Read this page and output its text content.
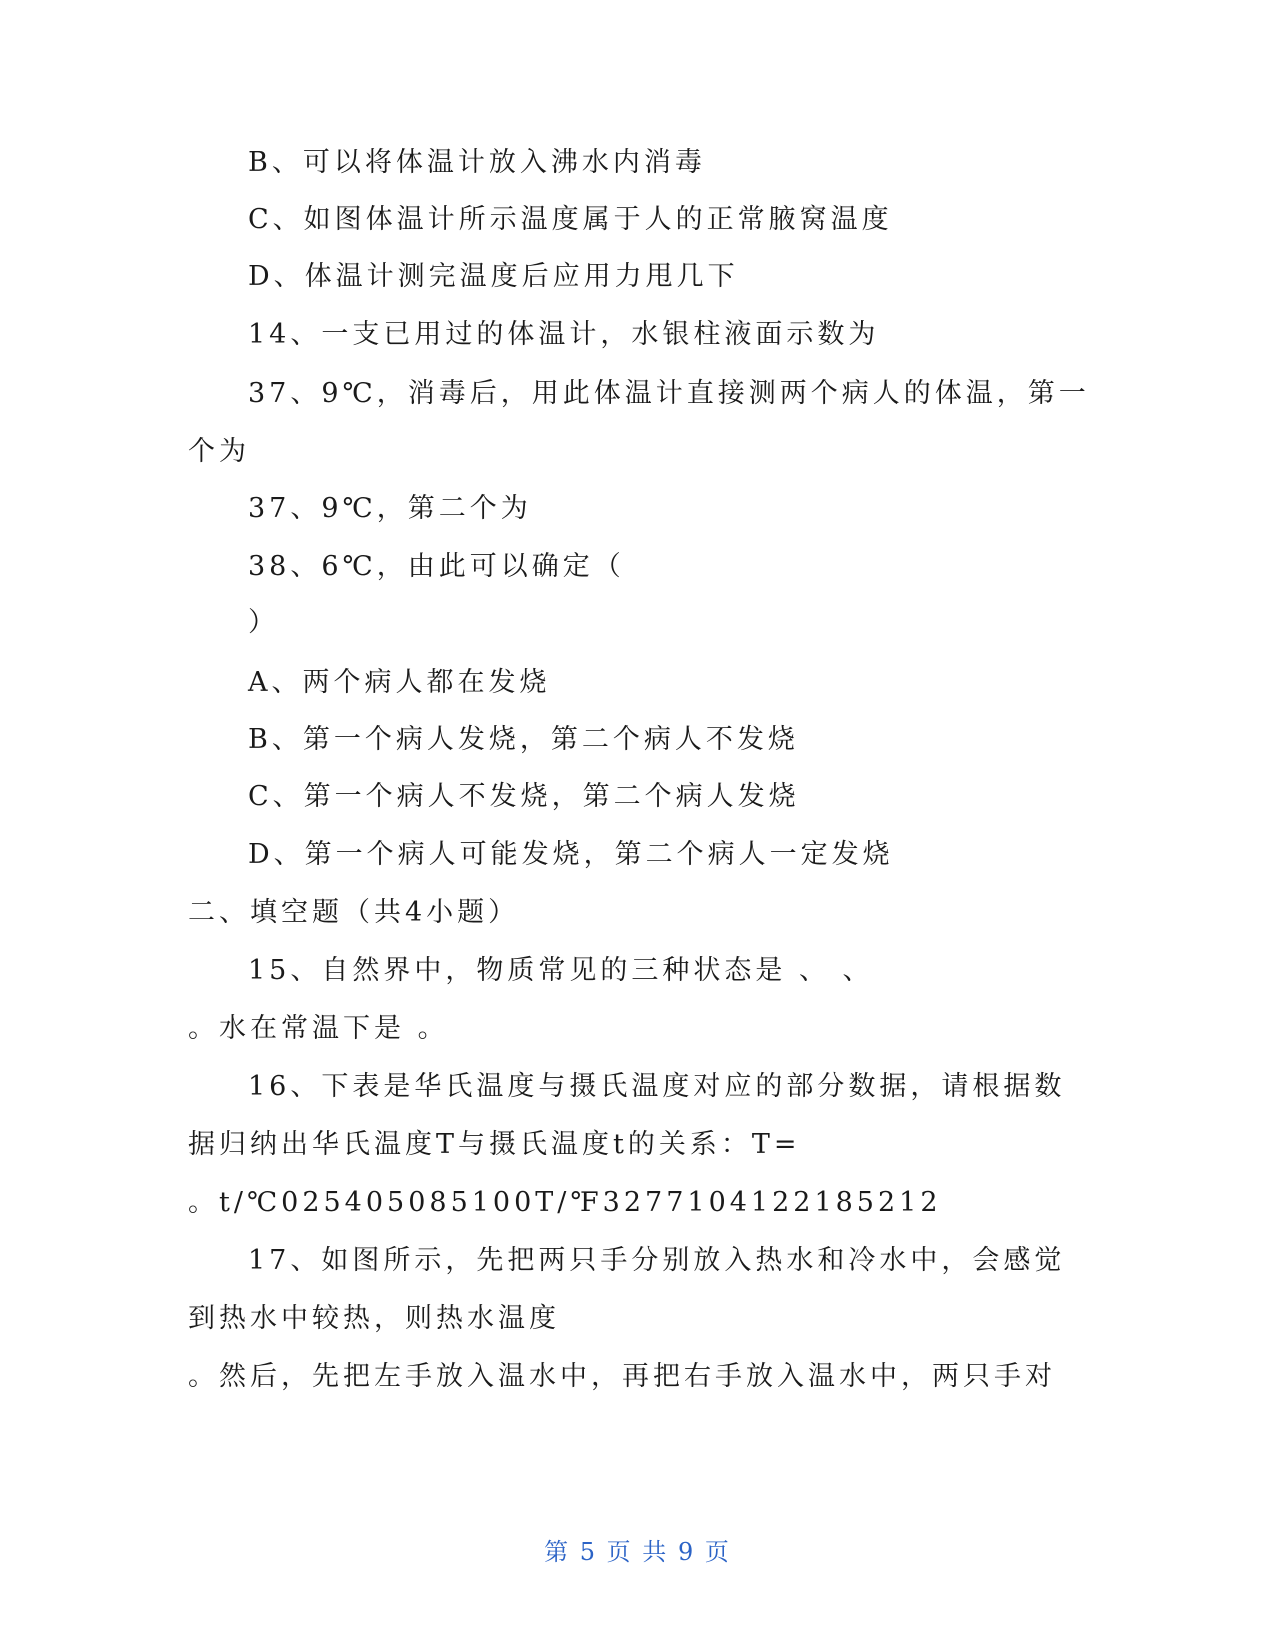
B、可以将体温计放入沸水内消毒
C、如图体温计所示温度属于人的正常腋窝温度
D、体温计测完温度后应用力甩几下
14、一支已用过的体温计，水银柱液面示数为
37、9℃，消毒后，用此体温计直接测两个病人的体温，第一
个为
37、9℃，第二个为
38、6℃，由此可以确定（
）
A、两个病人都在发烧
B、第一个病人发烧，第二个病人不发烧
C、第一个病人不发烧，第二个病人发烧
D、第一个病人可能发烧，第二个病人一定发烧
二、填空题（共4小题）
15、自然界中，物质常见的三种状态是 、 、
。水在常温下是 。
16、下表是华氏温度与摄氏温度对应的部分数据，请根据数
据归纳出华氏温度T与摄氏温度t的关系：T=
。t/℃025405085100T/℉3277104122185212
17、如图所示，先把两只手分别放入热水和冷水中，会感觉
到热水中较热，则热水温度
。然后，先把左手放入温水中，再把右手放入温水中，两只手对
第 5 页 共 9 页
